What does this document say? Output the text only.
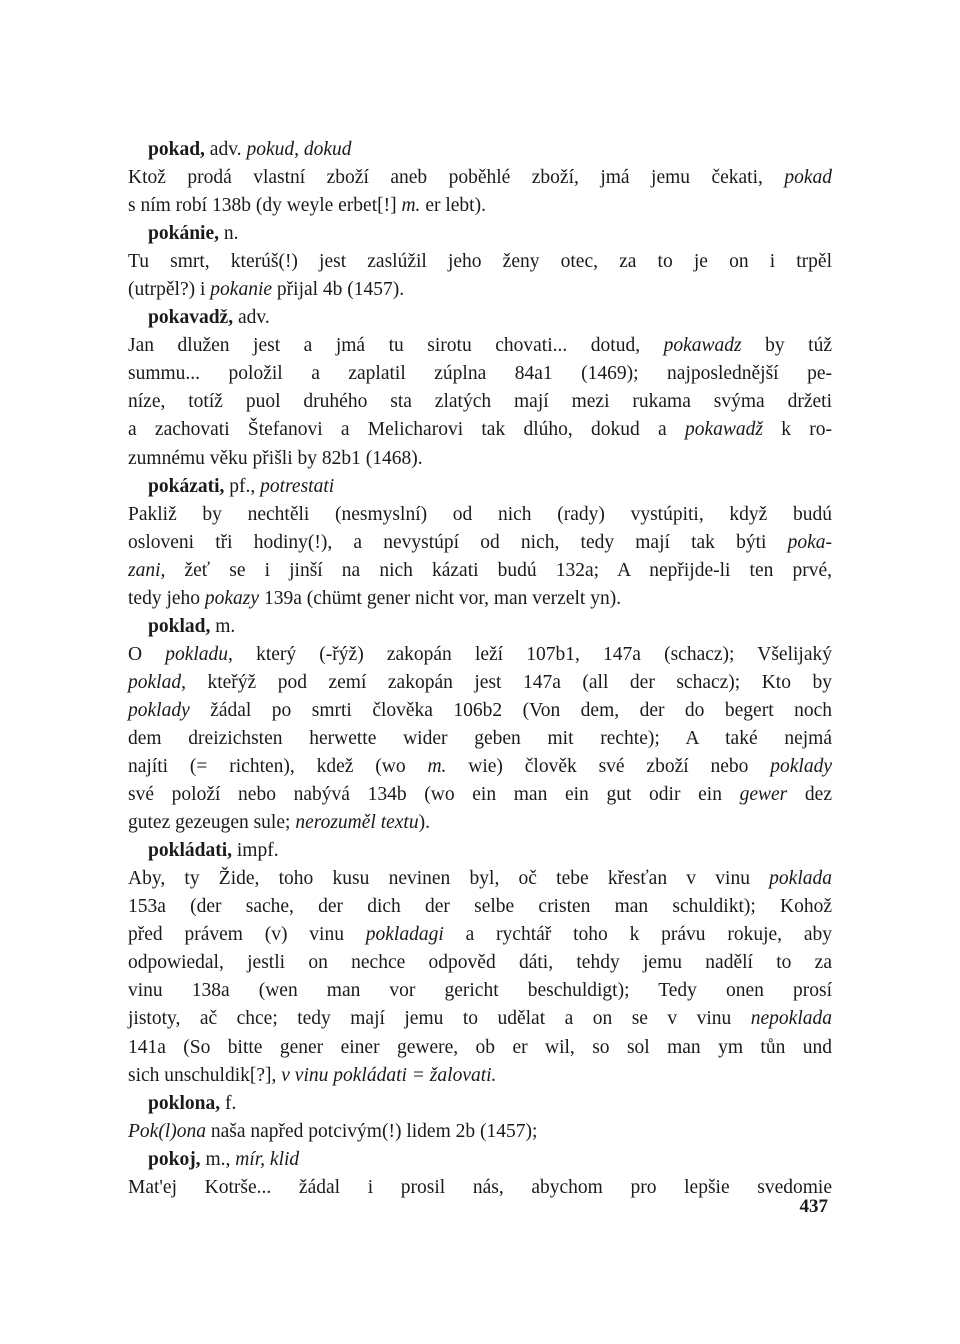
pokad, adv. pokud, dokud
Ktož prodá vlastní zboží aneb poběhlé zboží, jmá jemu čekati, pokad
s ním robí 138b (dy weyle erbet[!] m. er lebt).
pokánie, n.
Tu smrt, kterúš(!) jest zaslúžil jeho ženy otec, za to je on i trpěl
(utrpěl?) i pokanie přijal 4b (1457).
pokavadž, adv.
Jan dlužen jest a jmá tu sirotu chovati... dotud, pokawadz by túž
summu... položil a zaplatil zúplna 84a1 (1469); najposlednější pe-
níze, totíž puol druhého sta zlatých mají mezi rukama svýma držeti
a zachovati Štefanovi a Melicharovi tak dlúho, dokud a pokawadž k ro-
zumnému věku přišli by 82b1 (1468).
pokázati, pf., potrestati
Pakliž by nechtěli (nesmyslní) od nich (rady) vystúpiti, když budú
osloveni tři hodiny(!), a nevystúpí od nich, tedy mají tak býti poka-
zani, žeť se i jinší na nich kázati budú 132a; A nepřijde-li ten prvé,
tedy jeho pokazy 139a (chümt gener nicht vor, man verzelt yn).
poklad, m.
O pokladu, který (-řýž) zakopán leží 107b1, 147a (schacz); Všelijaký
poklad, kteřýž pod zemí zakopán jest 147a (all der schacz); Kto by
poklady žádal po smrti člověka 106b2 (Von dem, der do begert noch
dem dreizichsten herwette wider geben mit rechte); A také nejmá
najíti (= richten), kdež (wo m. wie) člověk své zboží nebo poklady
své položí nebo nabývá 134b (wo ein man ein gut odir ein gewer dez
gutez gezeugen sule; nerozuměl textu).
pokládati, impf.
Aby, ty Žide, toho kusu nevinen byl, oč tebe křesťan v vinu poklada
153a (der sache, der dich der selbe cristen man schuldikt); Kohož
před právem (v) vinu pokladagi a rychtář toho k právu rokuje, aby
odpowiedal, jestli on nechce odpověd dáti, tehdy jemu nadělí to za
vinu 138a (wen man vor gericht beschuldigt); Tedy onen prosí
jistoty, ač chce; tedy mají jemu to udělat a on se v vinu nepoklada
141a (So bitte gener einer gewere, ob er wil, so sol man ym tůn und
sich unschuldik[?], v vinu pokládati = žalovati.
poklona, f.
Pok(l)ona naša napřed potcivým(!) lidem 2b (1457);
pokoj, m., mír, klid
Mat'ej Kotrše... žádal i prosil nás, abychom pro lepšie svedomie
437
